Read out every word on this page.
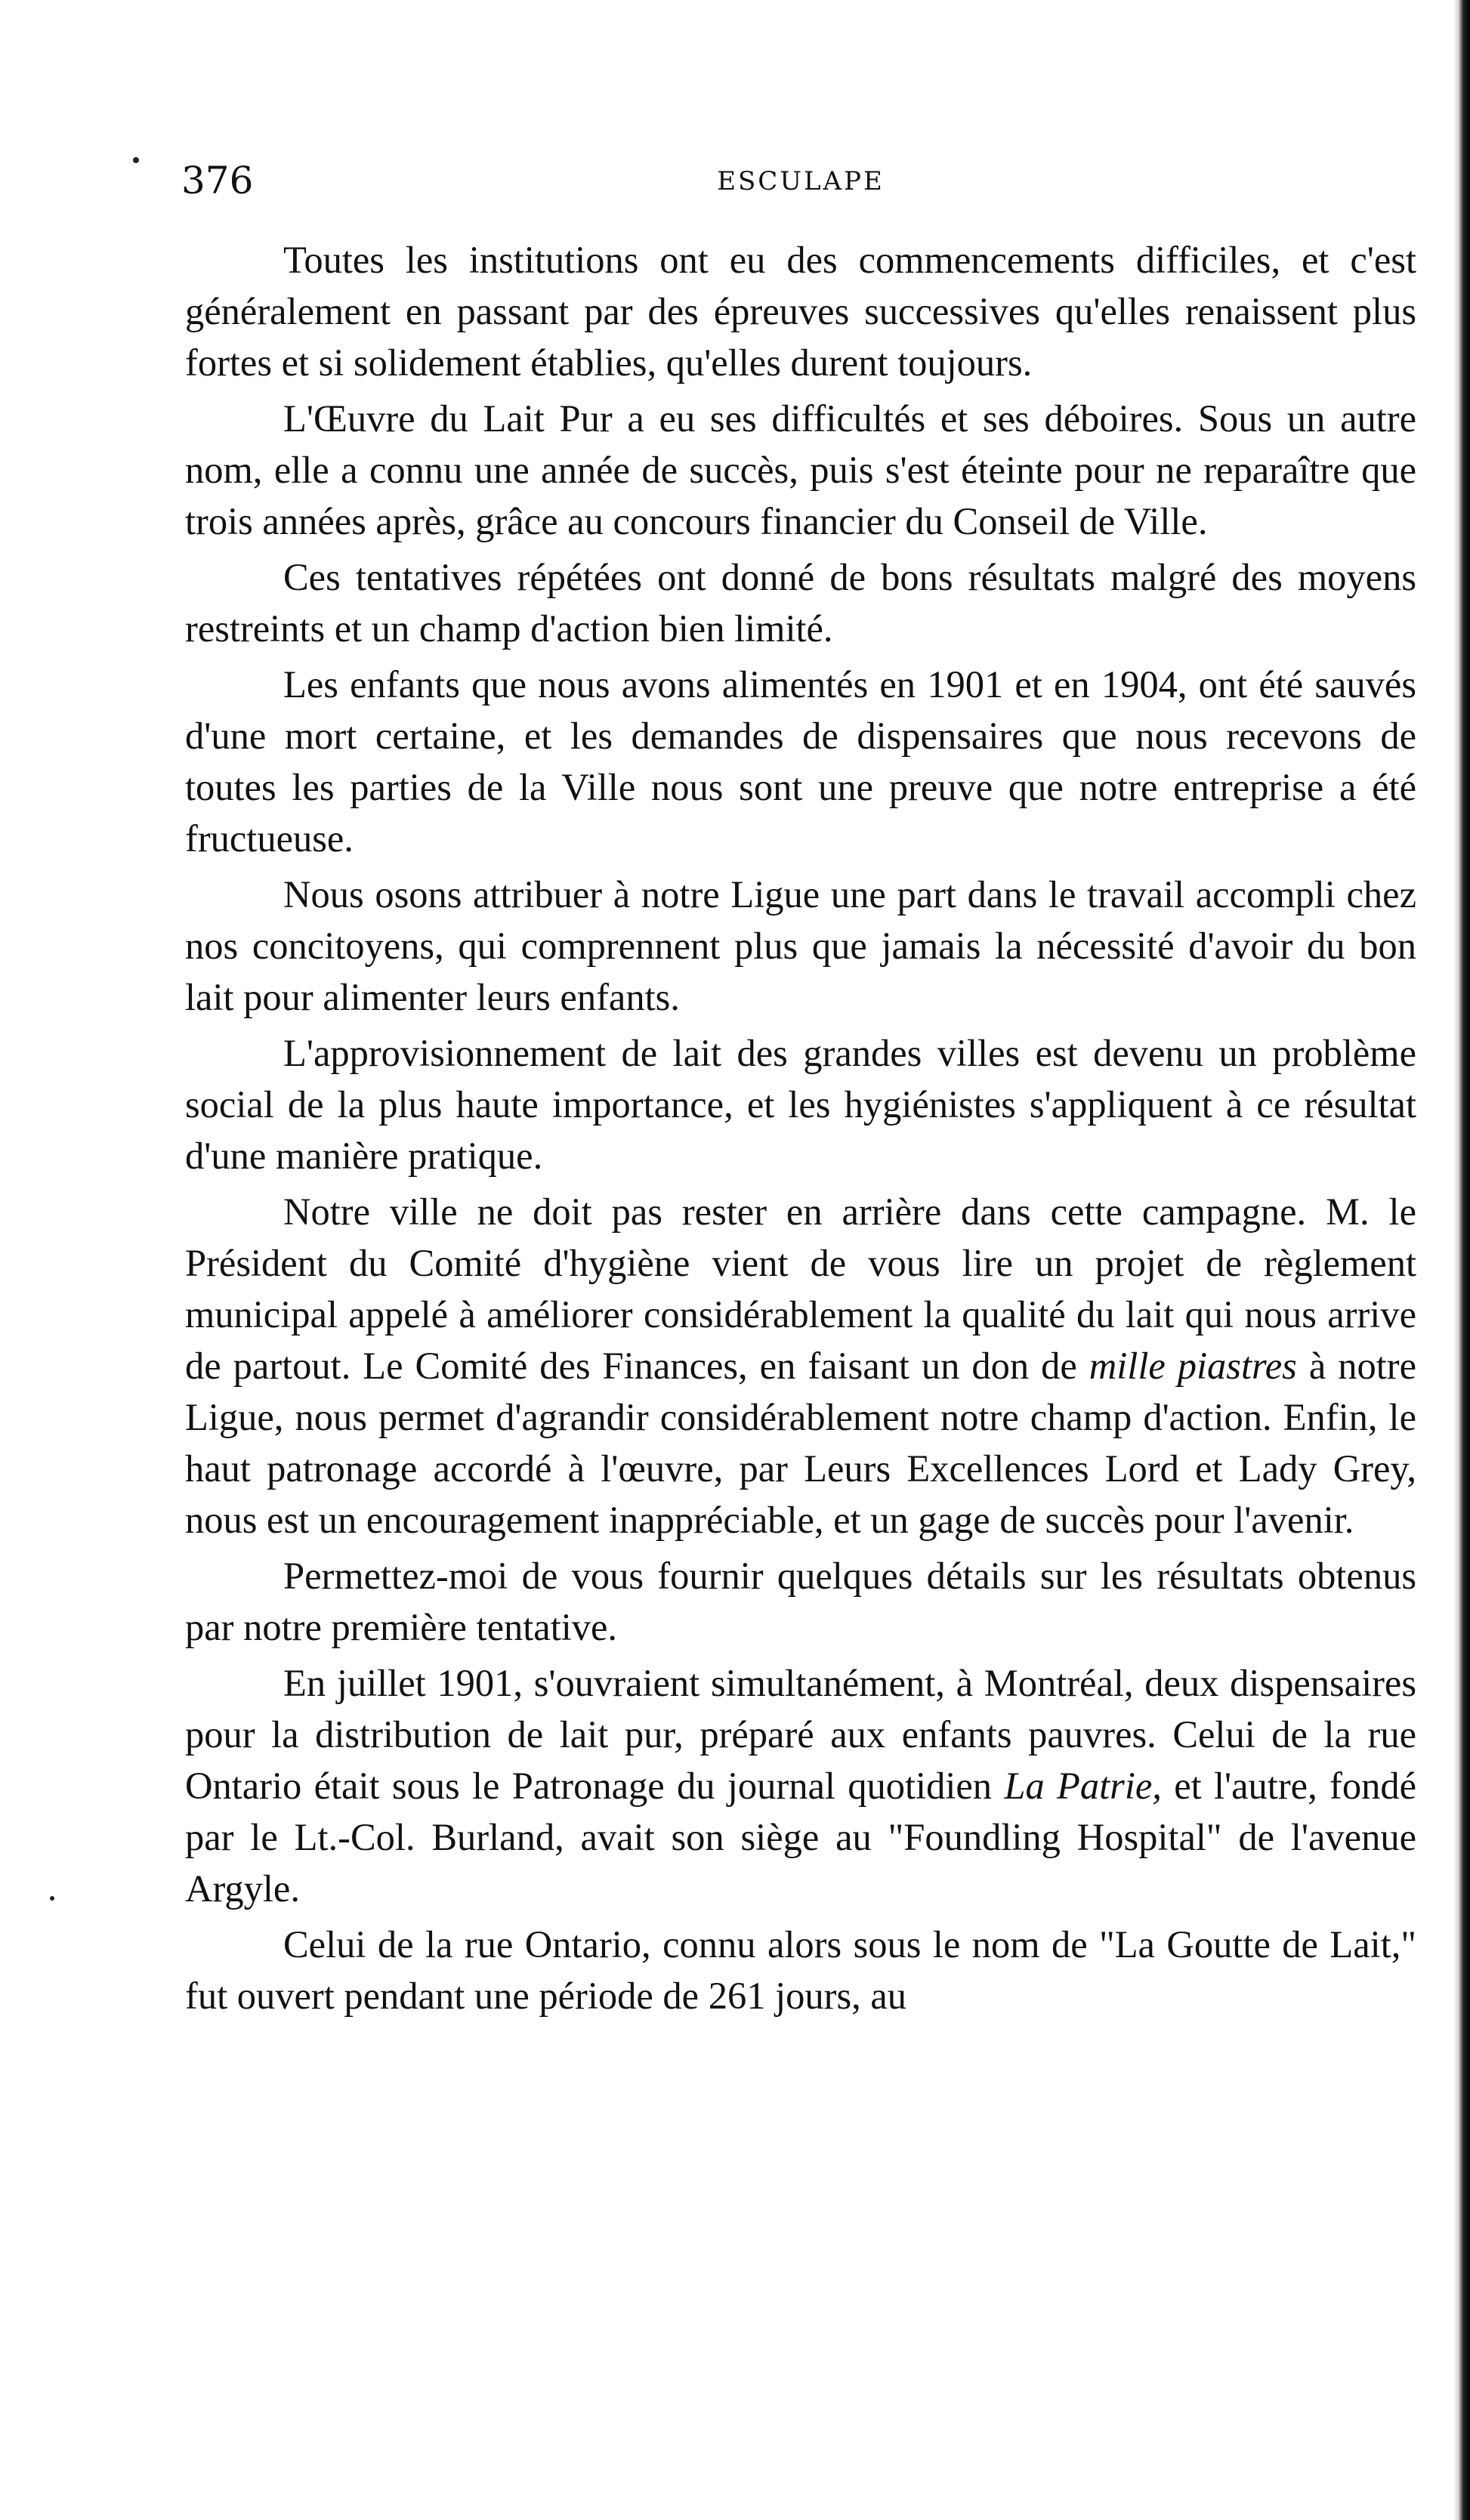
376	ESCULAPE

Toutes les institutions ont eu des commencements difficiles, et c'est généralement en passant par des épreuves successives qu'elles renaissent plus fortes et si solidement établies, qu'elles durent toujours.

L'Œuvre du Lait Pur a eu ses difficultés et ses déboires. Sous un autre nom, elle a connu une année de succès, puis s'est éteinte pour ne reparaître que trois années après, grâce au concours financier du Conseil de Ville.

Ces tentatives répétées ont donné de bons résultats malgré des moyens restreints et un champ d'action bien limité.

Les enfants que nous avons alimentés en 1901 et en 1904, ont été sauvés d'une mort certaine, et les demandes de dispensaires que nous recevons de toutes les parties de la Ville nous sont une preuve que notre entreprise a été fructueuse.

Nous osons attribuer à notre Ligue une part dans le travail accompli chez nos concitoyens, qui comprennent plus que jamais la nécessité d'avoir du bon lait pour alimenter leurs enfants.

L'approvisionnement de lait des grandes villes est devenu un problème social de la plus haute importance, et les hygiénistes s'appliquent à ce résultat d'une manière pratique.

Notre ville ne doit pas rester en arrière dans cette campagne. M. le Président du Comité d'hygiène vient de vous lire un projet de règlement municipal appelé à améliorer considérablement la qualité du lait qui nous arrive de partout. Le Comité des Finances, en faisant un don de mille piastres à notre Ligue, nous permet d'agrandir considérablement notre champ d'action. Enfin, le haut patronage accordé à l'œuvre, par Leurs Excellences Lord et Lady Grey, nous est un encouragement inappréciable, et un gage de succès pour l'avenir.

Permettez-moi de vous fournir quelques détails sur les résultats obtenus par notre première tentative.

En juillet 1901, s'ouvraient simultanément, à Montréal, deux dispensaires pour la distribution de lait pur, préparé aux enfants pauvres. Celui de la rue Ontario était sous le Patronage du journal quotidien La Patrie, et l'autre, fondé par le Lt.-Col. Burland, avait son siège au "Foundling Hospital" de l'avenue Argyle.

Celui de la rue Ontario, connu alors sous le nom de "La Goutte de Lait," fut ouvert pendant une période de 261 jours, au
